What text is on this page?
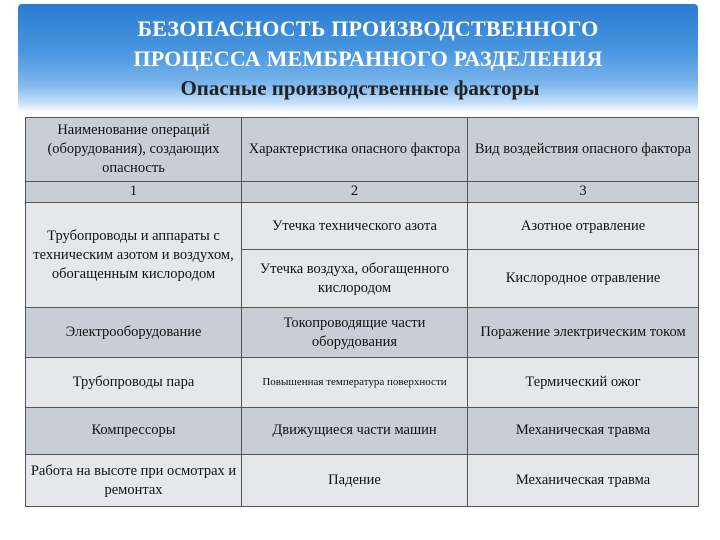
БЕЗОПАСНОСТЬ ПРОИЗВОДСТВЕННОГО
ПРОЦЕССА МЕМБРАННОГО РАЗДЕЛЕНИЯ
Опасные производственные факторы
Наименование операций (оборудования), создающих опасность	Характеристика опасного фактора	Вид воздействия опасного фактора
1	2	3
Трубопроводы и аппараты с техническим азотом и воздухом, обогащенным кислородом	Утечка технического азота	Азотное отравление
	Утечка воздуха, обогащенного кислородом	Кислородное отравление
Электрооборудование	Токопроводящие части оборудования	Поражение электрическим током
Трубопроводы пара	Повышенная температура поверхности	Термический ожог
Компрессоры	Движущиеся части машин	Механическая травма
Работа на высоте при осмотрах и ремонтах	Падение	Механическая травма
